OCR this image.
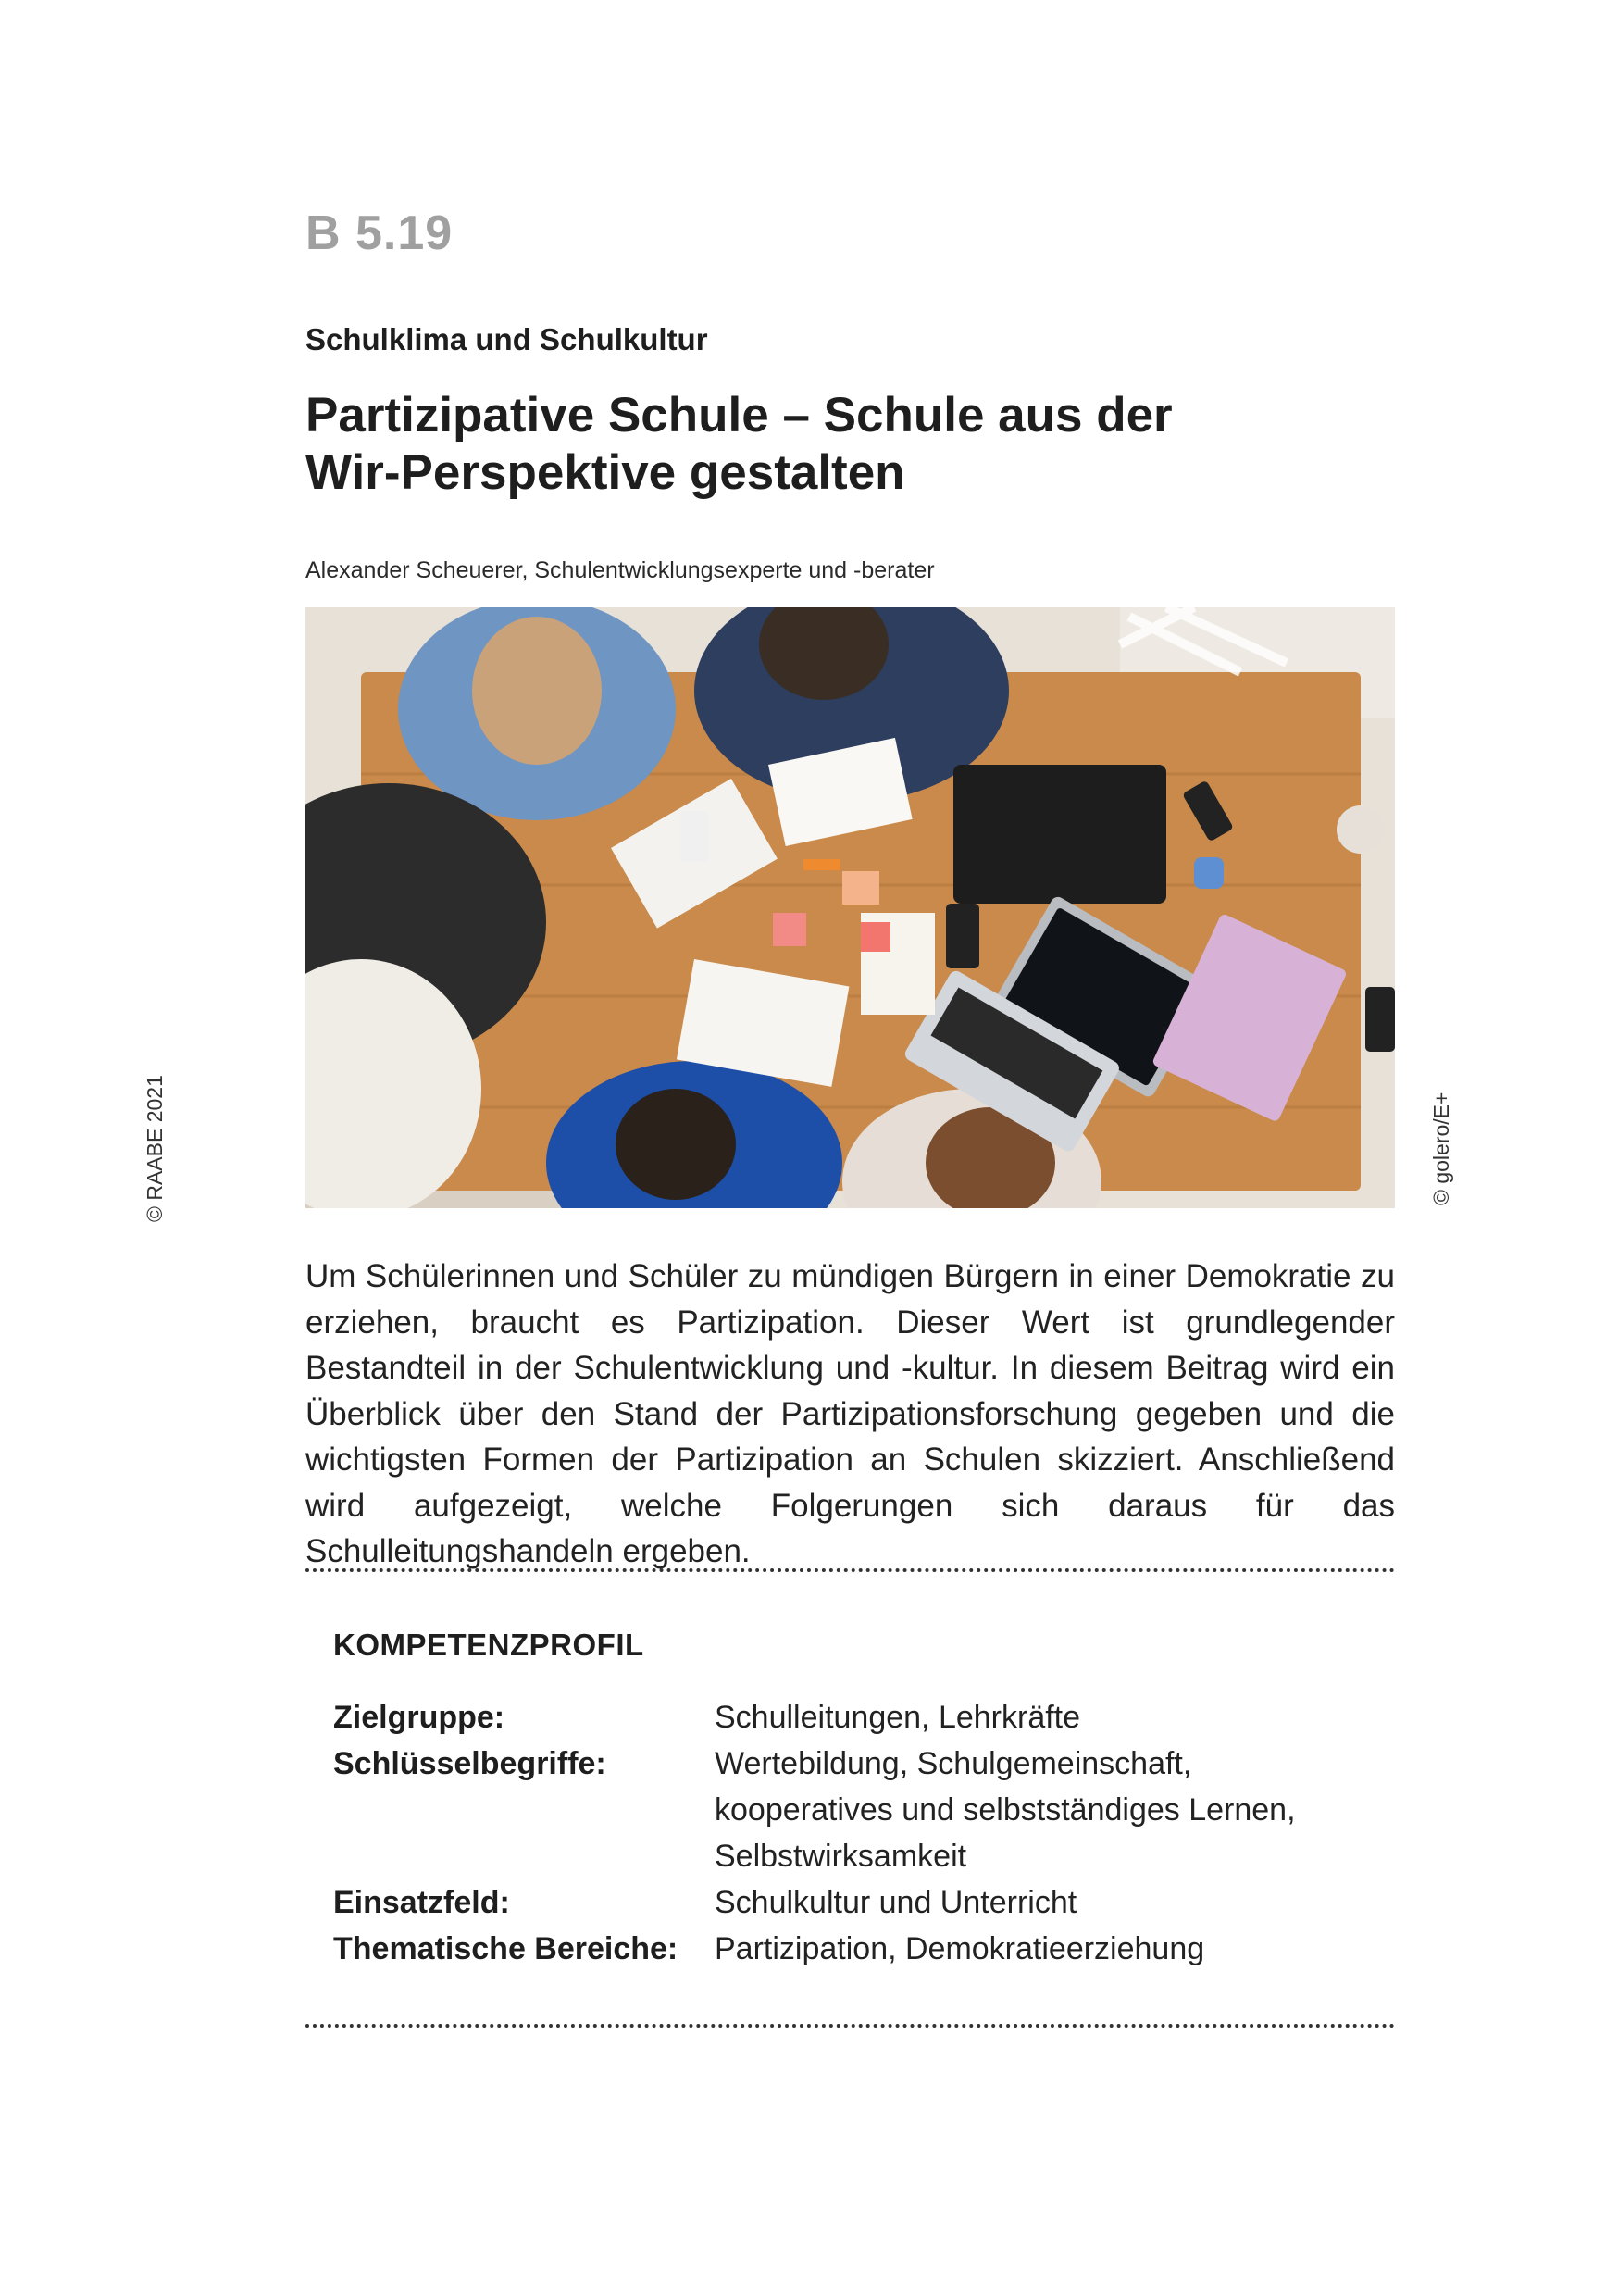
B 5.19
Schulklima und Schulkultur
Partizipative Schule – Schule aus der
Wir-Perspektive gestalten
Alexander Scheuerer, Schulentwicklungsexperte und -berater
© RAABE 2021	© golero/E+
Um Schülerinnen und Schüler zu mündigen Bürgern in einer Demokratie zu erziehen, braucht es Partizipation. Dieser Wert ist grundlegender Bestandteil in der Schulentwicklung und -kultur. In diesem Beitrag wird ein Überblick über den Stand der Partizipationsforschung gegeben und die wichtigsten Formen der Partizipation an Schulen skizziert. Anschließend wird aufgezeigt, welche Folgerungen sich daraus für das Schulleitungshandeln ergeben.
KOMPETENZPROFIL
Zielgruppe:	Schulleitungen, Lehrkräfte
Schlüsselbegriffe:	Wertebildung, Schulgemeinschaft,
kooperatives und selbstständiges Lernen,
Selbstwirksamkeit
Einsatzfeld:	Schulkultur und Unterricht
Thematische Bereiche:	Partizipation, Demokratieerziehung
